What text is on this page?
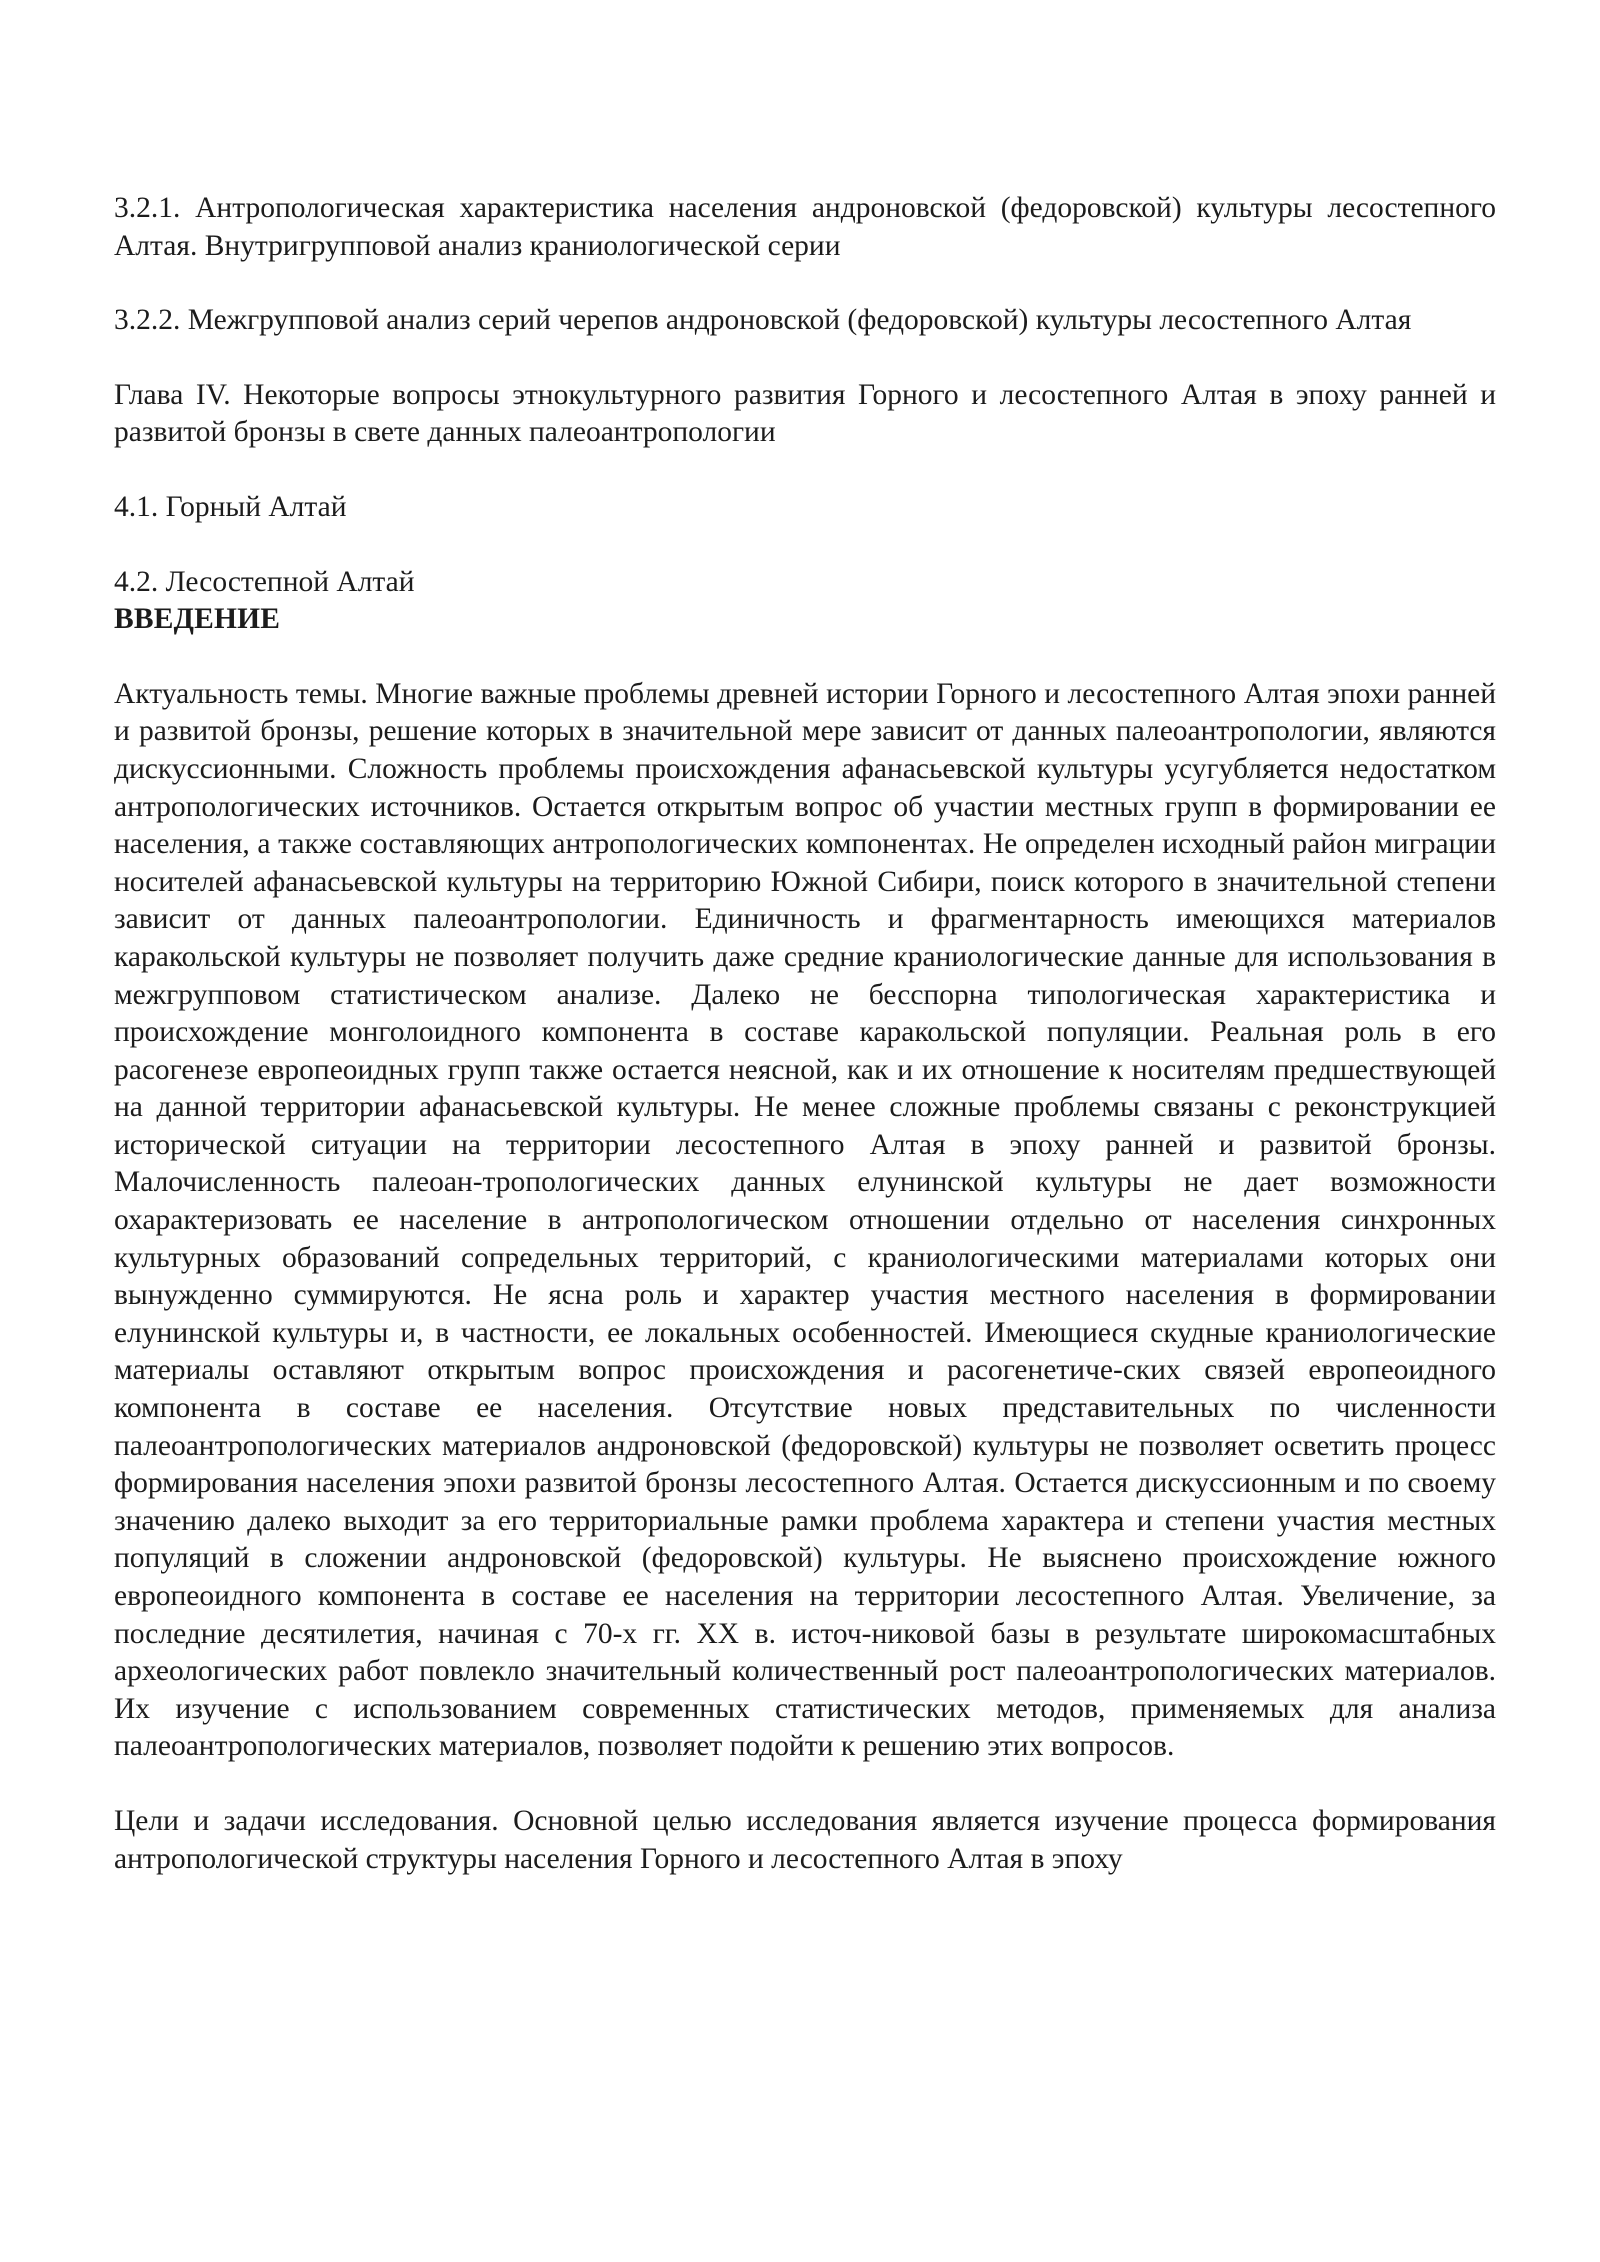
3.2.1. Антропологическая характеристика населения андроновской (федоровской) культуры лесостепного Алтая. Внутригрупповой анализ краниологической серии

3.2.2. Межгрупповой анализ серий черепов андроновской (федоровской) культуры лесостепного Алтая

Глава IV. Некоторые вопросы этнокультурного развития Горного и лесостепного Алтая в эпоху ранней и развитой бронзы в свете данных палеоантропологии

4.1. Горный Алтай

4.2. Лесостепной Алтай

ВВЕДЕНИЕ

Актуальность темы. Многие важные проблемы древней истории Горного и лесостепного Алтая эпохи ранней и развитой бронзы, решение которых в значительной мере зависит от данных палеоантропологии, являются дискуссионными. Сложность проблемы происхождения афанасьевской культуры усугубляется недостатком антропологических источников. Остается открытым вопрос об участии местных групп в формировании ее населения, а также составляющих антропологических компонентах. Не определен исходный район миграции носителей афанасьевской культуры на территорию Южной Сибири, поиск которого в значительной степени зависит от данных палеоантропологии. Единичность и фрагментарность имеющихся материалов каракольской культуры не позволяет получить даже средние краниологические данные для использования в межгрупповом статистическом анализе. Далеко не бесспорна типологическая характеристика и происхождение монголоидного компонента в составе каракольской популяции. Реальная роль в его расогенезе европеоидных групп также остается неясной, как и их отношение к носителям предшествующей на данной территории афанасьевской культуры. Не менее сложные проблемы связаны с реконструкцией исторической ситуации на территории лесостепного Алтая в эпоху ранней и развитой бронзы. Малочисленность палеоан-тропологических данных елунинской культуры не дает возможности охарактеризовать ее население в антропологическом отношении отдельно от населения синхронных культурных образований сопредельных территорий, с краниологическими материалами которых они вынужденно суммируются. Не ясна роль и характер участия местного населения в формировании елунинской культуры и, в частности, ее локальных особенностей. Имеющиеся скудные краниологические материалы оставляют открытым вопрос происхождения и расогенетиче-ских связей европеоидного компонента в составе ее населения. Отсутствие новых представительных по численности палеоантропологических материалов андроновской (федоровской) культуры не позволяет осветить процесс формирования населения эпохи развитой бронзы лесостепного Алтая. Остается дискуссионным и по своему значению далеко выходит за его территориальные рамки проблема характера и степени участия местных популяций в сложении андроновской (федоровской) культуры. Не выяснено происхождение южного европеоидного компонента в составе ее населения на территории лесостепного Алтая. Увеличение, за последние десятилетия, начиная с 70-х гг. XX в. источ-никовой базы в результате широкомасштабных археологических работ повлекло значительный количественный рост палеоантропологических материалов. Их изучение с использованием современных статистических методов, применяемых для анализа палеоантропологических материалов, позволяет подойти к решению этих вопросов.

Цели и задачи исследования. Основной целью исследования является изучение процесса формирования антропологической структуры населения Горного и лесостепного Алтая в эпоху
